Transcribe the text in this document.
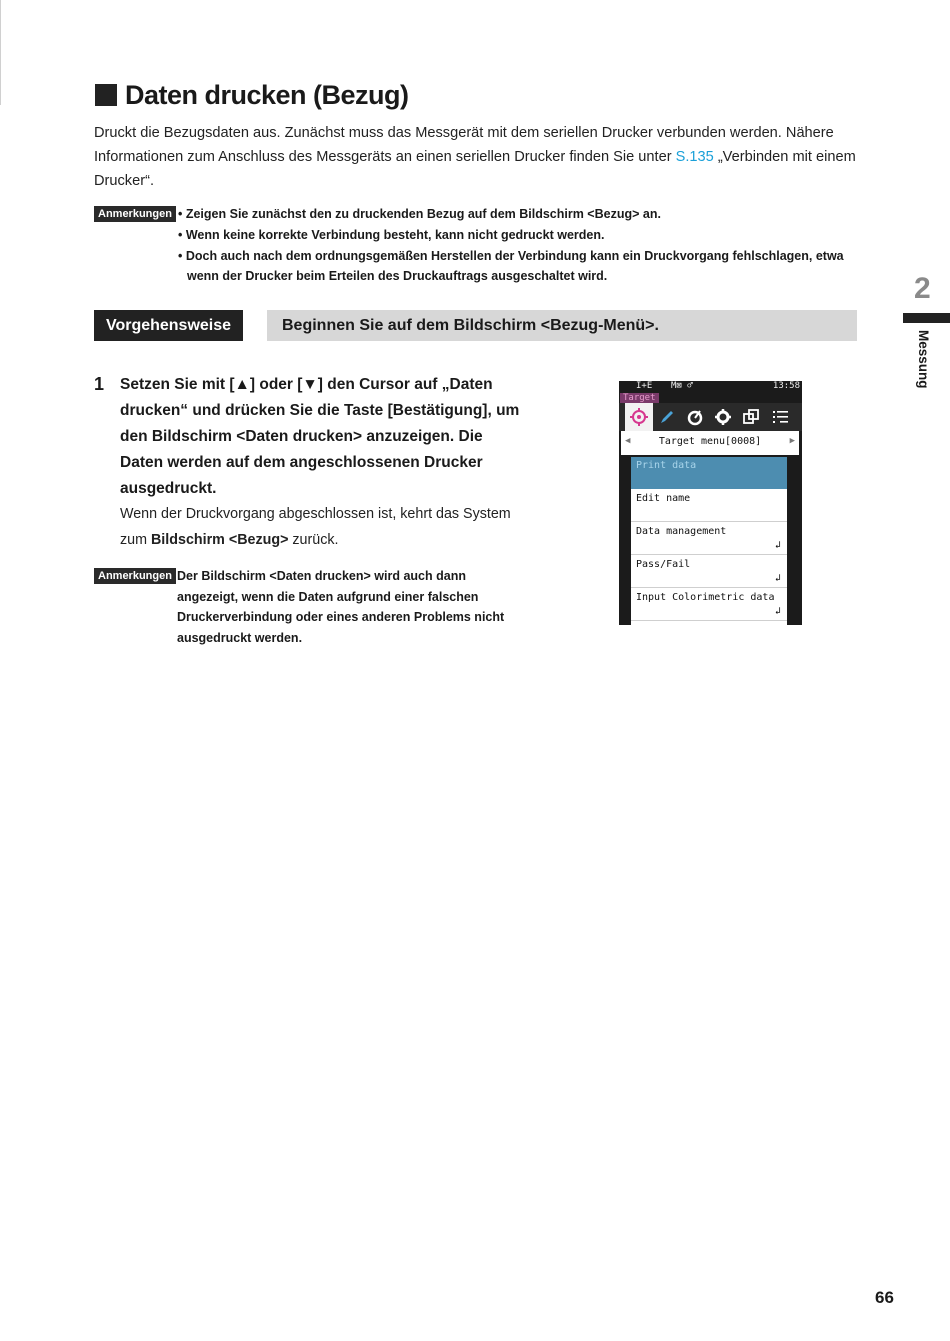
Daten drucken (Bezug)

Druckt die Bezugsdaten aus. Zunächst muss das Messgerät mit dem seriellen Drucker verbunden werden. Nähere Informationen zum Anschluss des Messgeräts an einen seriellen Drucker finden Sie unter S.135 „Verbinden mit einem Drucker“.

Anmerkungen • Zeigen Sie zunächst den zu druckenden Bezug auf dem Bildschirm <Bezug> an.
• Wenn keine korrekte Verbindung besteht, kann nicht gedruckt werden.
• Doch auch nach dem ordnungsgemäßen Herstellen der Verbindung kann ein Druckvorgang fehlschlagen, etwa wenn der Drucker beim Erteilen des Druckauftrags ausgeschaltet wird.
Vorgehensweise	Beginnen Sie auf dem Bildschirm <Bezug-Menü>.
1 Setzen Sie mit [▲] oder [▼] den Cursor auf „Daten drucken“ und drücken Sie die Taste [Bestätigung], um den Bildschirm <Daten drucken> anzuzeigen. Die Daten werden auf dem angeschlossenen Drucker ausgedruckt.
Wenn der Druckvorgang abgeschlossen ist, kehrt das System zum Bildschirm <Bezug> zurück.
Anmerkungen Der Bildschirm <Daten drucken> wird auch dann angezeigt, wenn die Daten aufgrund einer falschen Druckerverbindung oder eines anderen Problems nicht ausgedruckt werden.
I+E M⊠ ♂	13:58
Target
◀	Target menu[0008]	▶
Print data
Edit name
Data management
↲
Pass/Fail
↲
Input Colorimetric data
↲
2
Messung
66
